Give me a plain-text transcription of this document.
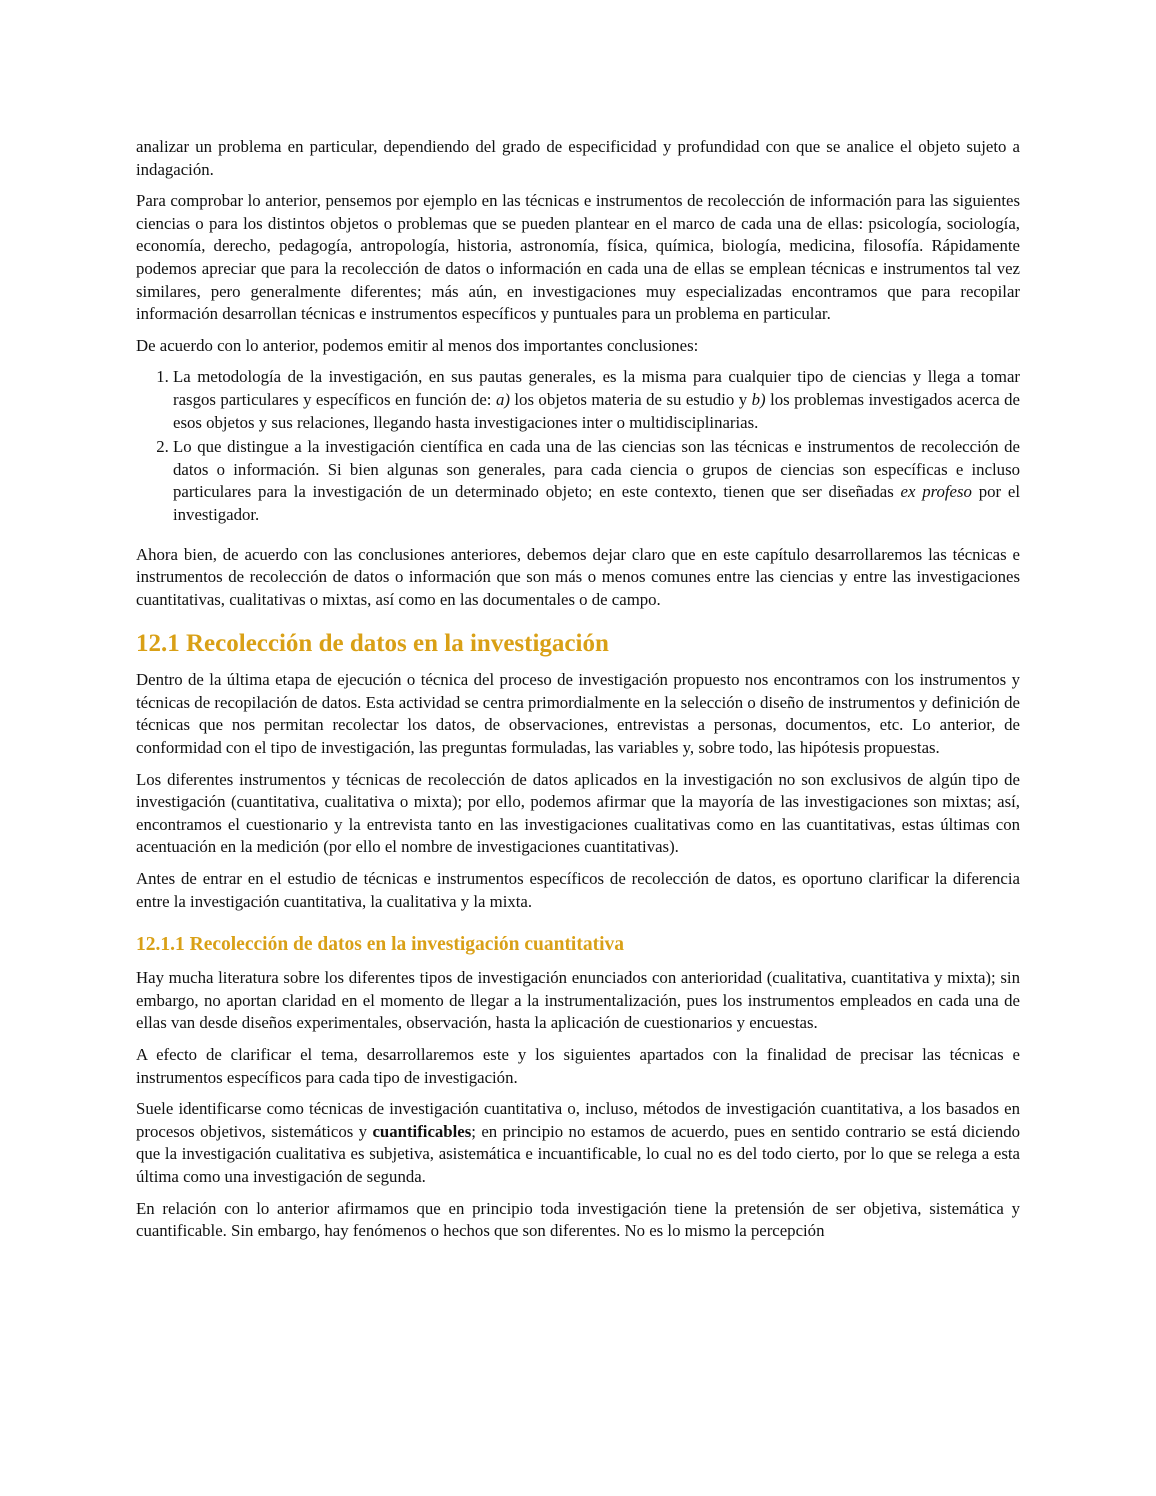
analizar un problema en particular, dependiendo del grado de especificidad y profundidad con que se analice el objeto sujeto a indagación.

Para comprobar lo anterior, pensemos por ejemplo en las técnicas e instrumentos de recolección de información para las siguientes ciencias o para los distintos objetos o problemas que se pueden plantear en el marco de cada una de ellas: psicología, sociología, economía, derecho, pedagogía, antropología, historia, astronomía, física, química, biología, medicina, filosofía. Rápidamente podemos apreciar que para la recolección de datos o información en cada una de ellas se emplean técnicas e instrumentos tal vez similares, pero generalmente diferentes; más aún, en investigaciones muy especializadas encontramos que para recopilar información desarrollan técnicas e instrumentos específicos y puntuales para un problema en particular.

De acuerdo con lo anterior, podemos emitir al menos dos importantes conclusiones:

1. La metodología de la investigación, en sus pautas generales, es la misma para cualquier tipo de ciencias y llega a tomar rasgos particulares y específicos en función de: a) los objetos materia de su estudio y b) los problemas investigados acerca de esos objetos y sus relaciones, llegando hasta investigaciones inter o multidisciplinarias.
2. Lo que distingue a la investigación científica en cada una de las ciencias son las técnicas e instrumentos de recolección de datos o información. Si bien algunas son generales, para cada ciencia o grupos de ciencias son específicas e incluso particulares para la investigación de un determinado objeto; en este contexto, tienen que ser diseñadas ex profeso por el investigador.

Ahora bien, de acuerdo con las conclusiones anteriores, debemos dejar claro que en este capítulo desarrollaremos las técnicas e instrumentos de recolección de datos o información que son más o menos comunes entre las ciencias y entre las investigaciones cuantitativas, cualitativas o mixtas, así como en las documentales o de campo.

12.1 Recolección de datos en la investigación

Dentro de la última etapa de ejecución o técnica del proceso de investigación propuesto nos encontramos con los instrumentos y técnicas de recopilación de datos. Esta actividad se centra primordialmente en la selección o diseño de instrumentos y definición de técnicas que nos permitan recolectar los datos, de observaciones, entrevistas a personas, documentos, etc. Lo anterior, de conformidad con el tipo de investigación, las preguntas formuladas, las variables y, sobre todo, las hipótesis propuestas.

Los diferentes instrumentos y técnicas de recolección de datos aplicados en la investigación no son exclusivos de algún tipo de investigación (cuantitativa, cualitativa o mixta); por ello, podemos afirmar que la mayoría de las investigaciones son mixtas; así, encontramos el cuestionario y la entrevista tanto en las investigaciones cualitativas como en las cuantitativas, estas últimas con acentuación en la medición (por ello el nombre de investigaciones cuantitativas).

Antes de entrar en el estudio de técnicas e instrumentos específicos de recolección de datos, es oportuno clarificar la diferencia entre la investigación cuantitativa, la cualitativa y la mixta.

12.1.1 Recolección de datos en la investigación cuantitativa

Hay mucha literatura sobre los diferentes tipos de investigación enunciados con anterioridad (cualitativa, cuantitativa y mixta); sin embargo, no aportan claridad en el momento de llegar a la instrumentalización, pues los instrumentos empleados en cada una de ellas van desde diseños experimentales, observación, hasta la aplicación de cuestionarios y encuestas.

A efecto de clarificar el tema, desarrollaremos este y los siguientes apartados con la finalidad de precisar las técnicas e instrumentos específicos para cada tipo de investigación.

Suele identificarse como técnicas de investigación cuantitativa o, incluso, métodos de investigación cuantitativa, a los basados en procesos objetivos, sistemáticos y cuantificables; en principio no estamos de acuerdo, pues en sentido contrario se está diciendo que la investigación cualitativa es subjetiva, asistemática e incuantificable, lo cual no es del todo cierto, por lo que se relega a esta última como una investigación de segunda.

En relación con lo anterior afirmamos que en principio toda investigación tiene la pretensión de ser objetiva, sistemática y cuantificable. Sin embargo, hay fenómenos o hechos que son diferentes. No es lo mismo la percepción
